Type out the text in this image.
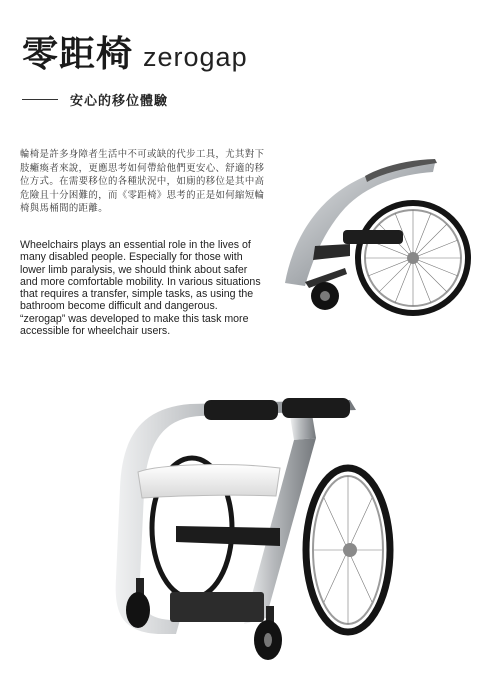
零距椅 zerogap
安心的移位體驗

輪椅是許多身障者生活中不可或缺的代步工具，尤其對下肢癱瘓者來說，更應思考如何帶給他們更安心、舒適的移位方式。在需要移位的各種狀況中，如廁的移位是其中高危險且十分困難的，而《零距椅》思考的正是如何縮短輪椅與馬桶間的距離。

Wheelchairs plays an essential role in the lives of many disabled people. Especially for those with lower limb paralysis, we should think about safer and more comfortable mobility. In various situations that requires a transfer, simple tasks, as using the bathroom become difficult and dangerous. “zerogap” was developed to make this task more accessible for wheelchair users.
